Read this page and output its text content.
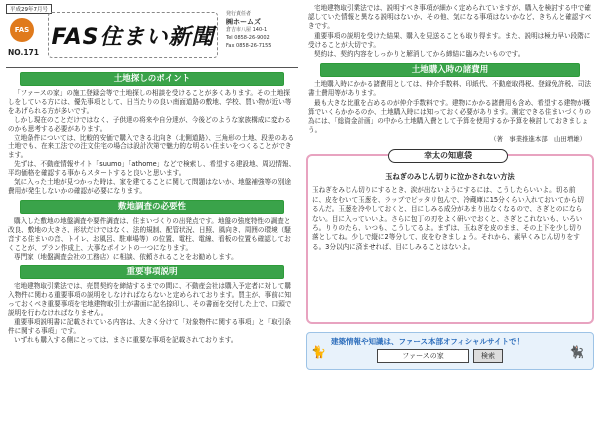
平成29年7月号
FAS
NO.171
FAS住まい新聞
発行責任者
㈱ホームズ
倉吉市八屋 140-1
Tel 0858-26-9002
Fax 0858-26-7155
土地探しのポイント

「ファースの家」の施工登録会等で土地探しの相談を受けることが多くあります。その土地探しをしている方には、優先事項として、日当たりの良い南面道路の敷地、学校、買い物が近い等をあげられる方が多いです。

しかし現在のことだけではなく、子供達の将来や自分達が、今後どのような家族構成に変わるのかも思考する必要があります。

立地条件については、比較的安価で購入できる北向き（北側道路）、三角形の土地、段差のある土地でも、在来工法での注文住宅の場合は設計次第で魅力的な明るい住まいをつくることができます。

先ずは、不動産情報サイト「suumo」「athome」などで検索し、希望する建設地、周辺情報、平均価格を確認する事からスタートすると良いと思います。

気に入った土地が見つかった時は、家を建てることに関して問題はないか、地盤補強等の別途費用が発生しないかの確認が必要になります。

敷地調査の必要性

購入した敷地の地盤調査や要件調査は、住まいづくりの出発点です。地盤の強度特性の調査と改良、敷地の大きさ、形状だけではなく、法的規制、配管状況、日照、風向き、周囲の環境（騒音する住まいの音、トイレ、お風呂、駐車場等）の位置、電柱、電線、看板の位置も確認しておくことが、プラン作成上、大事なポイントの一つになります。

専門家（地盤調査会社の工務店）に相談、依頼されることをお勧めします。

重要事項説明

宅地建物取引業法では、売買契約を締結するまでの間に、不動産会社は購入予定者に対して購入物件に関わる重要事項の説明をしなければならないと定められております。買主が、事前に知っておくべき重要事項を宅地建物取引士が書面に記名捺印し、その書面を交付した上で、口頭で説明を行わなければなりません。

重要事項説明書に記載されている内容は、大きく分けて「対象物件に関する事項」と「取引条件に関する事項」です。

いずれも購入する側にとっては、まさに重要な事項を記載されております。

宅地建物取引業法では、説明すべき事項が細かく定められていますが、購入を検討する中で確認していた情報と異なる説明はないか、その他、気になる事項はないかなど、きちんと確認すべきです。

重要事項の説明を受けた結果、購入を見送ることも取り得ます。また、説明は極力早い段階に受けることが大切です。

契約は、契約内容をしっかりと解消してから締結に臨みたいものです。

土地購入時の諸費用

土地購入時にかかる諸費用としては、仲介手数料、印紙代、不動産取得税、登録免許税、司法書士費用等があります。

最も大きな比重を占めるのが仲介手数料です。建物にかかる諸費用も含め、希望する建物が概算でいくらかかるのか、土地購入時には知っておく必要があります。測定できる住まいづくりの為には、「総資金計画」の中から土地購入費として予算を使用するか予算を検討しておきましょう。

（著　事業推進本部　山田増雄）
幸太の知恵袋
玉ねぎのみじん切りに泣かされない方法
玉ねぎをみじん切りにするとき、涙が出ないようにするには、こうしたらいいよ。切る前に、皮をむいて玉葱を、ラップでピッタリ包んで、冷蔵庫に15分くらい入れておいてから切るんだ。玉葱を冷やしておくと、目にしみる成分があまり出なくなるので、さぎとのにならない。目に入っていいよ。さらに包丁の刃をよく研いでおくと、さぎとこれないも、いろいろ。りりのたら、いつも、こうしてるよ。まずは、玉ねぎを皮のまま、その上下を少し切り落としてね。少しで縦に2等分して、皮をむきましょう。それから、素早くみじん切りをする。3分以内に済ませれば、目にしみることはないよ。
🐈
建築情報や知識は、ファース本部オフィシャルサイトで！
ファースの家	検索	🐈‍⬛
